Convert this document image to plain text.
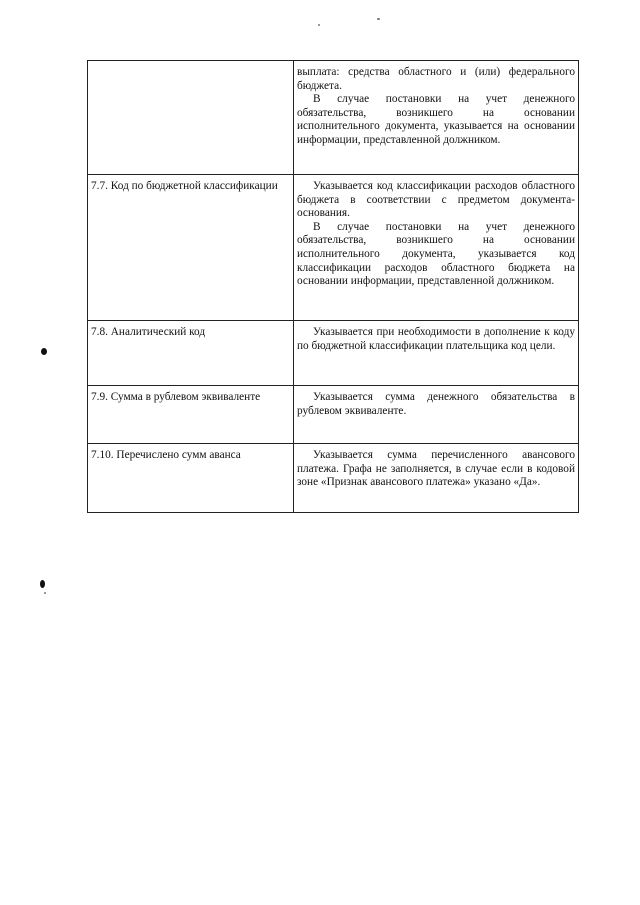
	выплата: средства областного и (или) федерального бюджета.

В случае постановки на учет денежного обязательства, возникшего на основании исполнительного документа, указывается на основании информации, представленной должником.

7.7. Код по бюджетной классификации	Указывается код классификации расходов областного бюджета в соответствии с предметом документа-основания.

В случае постановки на учет денежного обязательства, возникшего на основании исполнительного документа, указывается код классификации расходов областного бюджета на основании информации, представленной должником.

7.8. Аналитический код	Указывается при необходимости в дополнение к коду по бюджетной классификации плательщика код цели.

7.9. Сумма в рублевом эквиваленте	Указывается сумма денежного обязательства в рублевом эквиваленте.

7.10. Перечислено сумм аванса	Указывается сумма перечисленного авансового платежа. Графа не заполняется, в случае если в кодовой зоне «Признак авансового платежа» указано «Да».
